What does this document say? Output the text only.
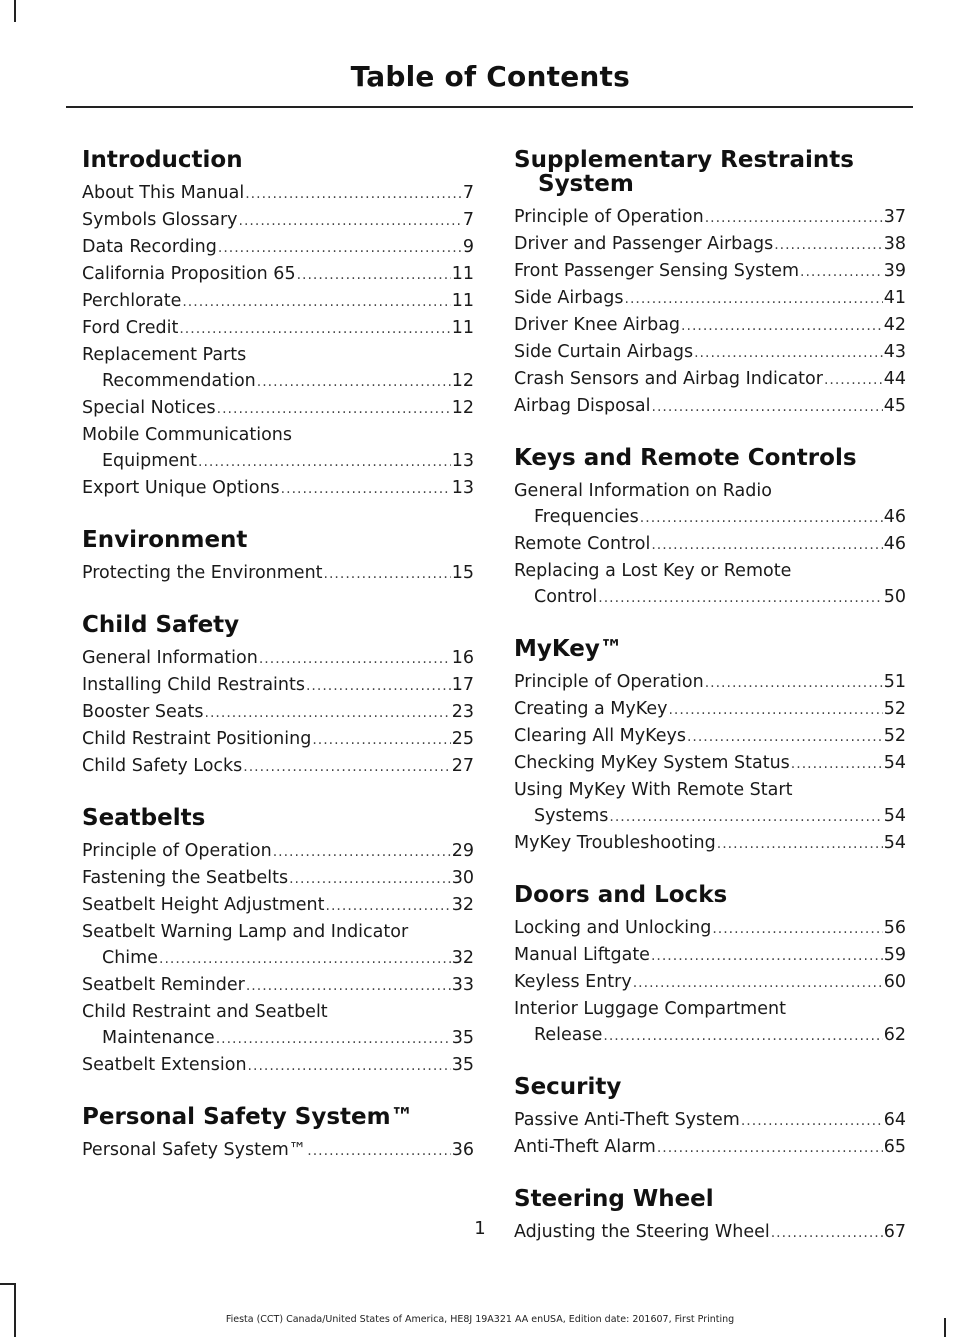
Table of Contents
Introduction
About This Manual .....	7
Symbols Glossary .....	7
Data Recording .....	9
California Proposition 65 .....	11
Perchlorate .....	11
Ford Credit .....	11
Replacement Parts
Recommendation .....	12
Special Notices .....	12
Mobile Communications
Equipment .....	13
Export Unique Options .....	13
Environment
Protecting the Environment .....	15
Child Safety
General Information .....	16
Installing Child Restraints .....	17
Booster Seats .....	23
Child Restraint Positioning .....	25
Child Safety Locks .....	27
Seatbelts
Principle of Operation .....	29
Fastening the Seatbelts .....	30
Seatbelt Height Adjustment .....	32
Seatbelt Warning Lamp and Indicator
Chime .....	32
Seatbelt Reminder .....	33
Child Restraint and Seatbelt
Maintenance .....	35
Seatbelt Extension .....	35
Personal Safety System™
Personal Safety System™ .....	36
Supplementary Restraints
System
Principle of Operation .....	37
Driver and Passenger Airbags .....	38
Front Passenger Sensing System .....	39
Side Airbags .....	41
Driver Knee Airbag .....	42
Side Curtain Airbags .....	43
Crash Sensors and Airbag Indicator .....	44
Airbag Disposal .....	45
Keys and Remote Controls
General Information on Radio
Frequencies .....	46
Remote Control .....	46
Replacing a Lost Key or Remote
Control .....	50
MyKey™
Principle of Operation .....	51
Creating a MyKey .....	52
Clearing All MyKeys .....	52
Checking MyKey System Status .....	54
Using MyKey With Remote Start
Systems .....	54
MyKey Troubleshooting .....	54
Doors and Locks
Locking and Unlocking .....	56
Manual Liftgate .....	59
Keyless Entry .....	60
Interior Luggage Compartment
Release .....	62
Security
Passive Anti-Theft System .....	64
Anti-Theft Alarm .....	65
Steering Wheel
Adjusting the Steering Wheel .....	67
1
Fiesta (CCT) Canada/United States of America, HE8J 19A321 AA enUSA, Edition date: 201607, First Printing
